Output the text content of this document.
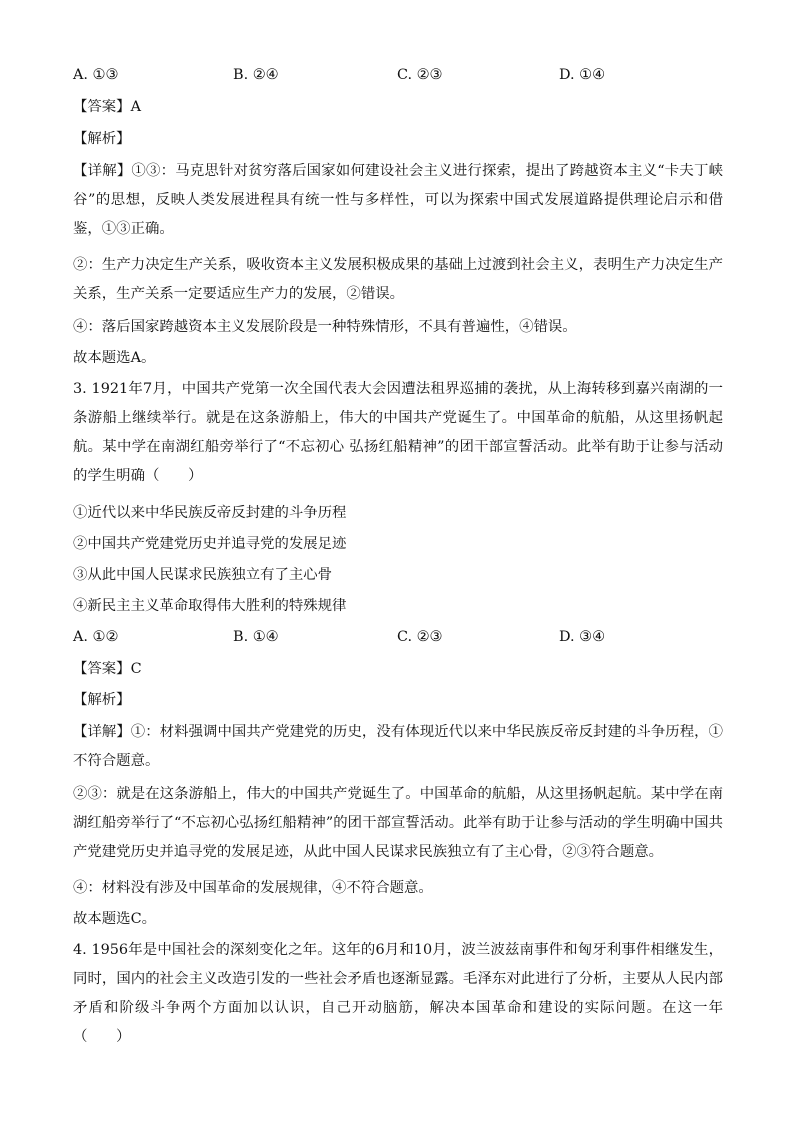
A. ①③	B. ②④	C. ②③	D. ①④

【答案】A

【解析】

【详解】①③：马克思针对贫穷落后国家如何建设社会主义进行探索，提出了跨越资本主义“卡夫丁峡谷”的思想，反映人类发展进程具有统一性与多样性，可以为探索中国式发展道路提供理论启示和借鉴，①③正确。

②：生产力决定生产关系，吸收资本主义发展积极成果的基础上过渡到社会主义，表明生产力决定生产关系，生产关系一定要适应生产力的发展，②错误。

④：落后国家跨越资本主义发展阶段是一种特殊情形，不具有普遍性，④错误。

故本题选A。

3. 1921年7月，中国共产党第一次全国代表大会因遭法租界巡捕的袭扰，从上海转移到嘉兴南湖的一条游船上继续举行。就是在这条游船上，伟大的中国共产党诞生了。中国革命的航船，从这里扬帆起航。某中学在南湖红船旁举行了“不忘初心 弘扬红船精神”的团干部宣誓活动。此举有助于让参与活动的学生明确（　　）

①近代以来中华民族反帝反封建的斗争历程

②中国共产党建党历史并追寻党的发展足迹

③从此中国人民谋求民族独立有了主心骨

④新民主主义革命取得伟大胜利的特殊规律

A. ①②	B. ①④	C. ②③	D. ③④

【答案】C

【解析】

【详解】①：材料强调中国共产党建党的历史，没有体现近代以来中华民族反帝反封建的斗争历程，①不符合题意。

②③：就是在这条游船上，伟大的中国共产党诞生了。中国革命的航船，从这里扬帆起航。某中学在南湖红船旁举行了“不忘初心弘扬红船精神”的团干部宣誓活动。此举有助于让参与活动的学生明确中国共产党建党历史并追寻党的发展足迹，从此中国人民谋求民族独立有了主心骨，②③符合题意。

④：材料没有涉及中国革命的发展规律，④不符合题意。

故本题选C。

4. 1956年是中国社会的深刻变化之年。这年的6月和10月，波兰波兹南事件和匈牙利事件相继发生，同时，国内的社会主义改造引发的一些社会矛盾也逐渐显露。毛泽东对此进行了分析，主要从人民内部矛盾和阶级斗争两个方面加以认识，自己开动脑筋，解决本国革命和建设的实际问题。在这一年（　　）
